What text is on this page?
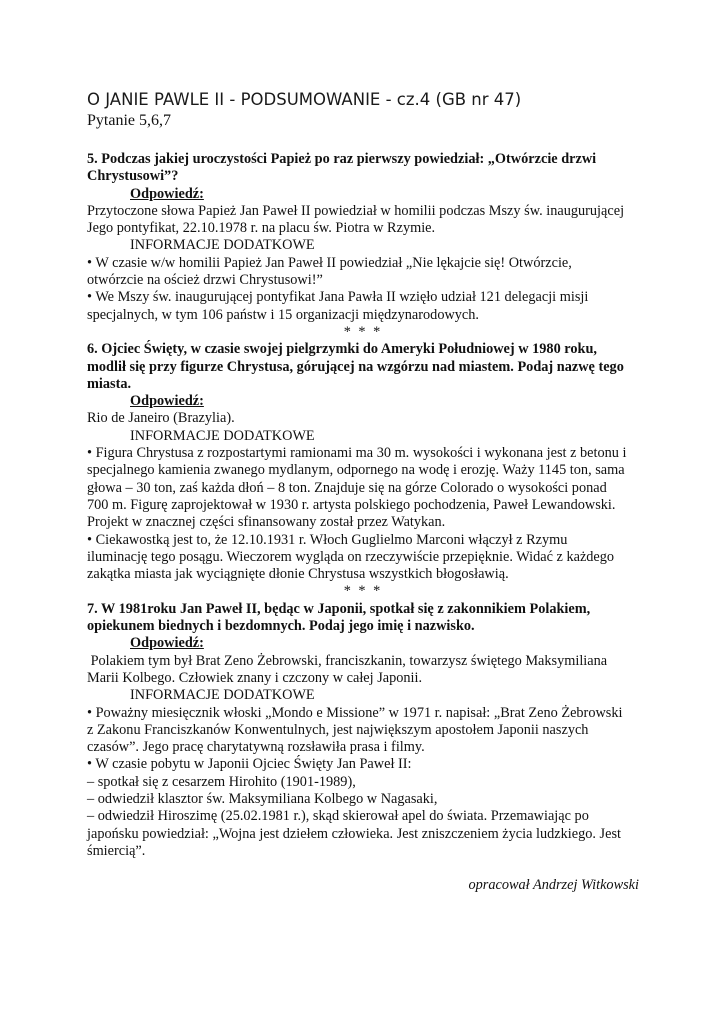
O JANIE PAWLE II - PODSUMOWANIE - cz.4 (GB nr 47)
Pytanie 5,6,7
5. Podczas jakiej uroczystości Papież po raz pierwszy powiedział: „Otwórzcie drzwi
Chrystusowi”?
Odpowiedź:
Przytoczone słowa Papież Jan Paweł II powiedział w homilii podczas Mszy św. inaugurującej
Jego pontyfikat, 22.10.1978 r. na placu św. Piotra w Rzymie.
INFORMACJE DODATKOWE
• W czasie w/w homilii Papież Jan Paweł II powiedział „Nie lękajcie się! Otwórzcie,
otwórzcie na oścież drzwi Chrystusowi!”
• We Mszy św. inaugurującej pontyfikat Jana Pawła II wzięło udział 121 delegacji misji
specjalnych, w tym 106 państw i 15 organizacji międzynarodowych.
* * *
6. Ojciec Święty, w czasie swojej pielgrzymki do Ameryki Południowej w 1980 roku,
modlił się przy figurze Chrystusa, górującej na wzgórzu nad miastem. Podaj nazwę tego
miasta.
Odpowiedź:
Rio de Janeiro (Brazylia).
INFORMACJE DODATKOWE
• Figura Chrystusa z rozpostartymi ramionami ma 30 m. wysokości i wykonana jest z betonu i
specjalnego kamienia zwanego mydlanym, odpornego na wodę i erozję. Waży 1145 ton, sama
głowa – 30 ton, zaś każda dłoń – 8 ton. Znajduje się na górze Colorado o wysokości ponad
700 m. Figurę zaprojektował w 1930 r. artysta polskiego pochodzenia, Paweł Lewandowski.
Projekt w znacznej części sfinansowany został przez Watykan.
• Ciekawostką jest to, że 12.10.1931 r. Włoch Guglielmo Marconi włączył z Rzymu
iluminację tego posągu. Wieczorem wygląda on rzeczywiście przepięknie. Widać z każdego
zakątka miasta jak wyciągnięte dłonie Chrystusa wszystkich błogosławią.
* * *
7. W 1981roku Jan Paweł II, będąc w Japonii, spotkał się z zakonnikiem Polakiem,
opiekunem biednych i bezdomnych. Podaj jego imię i nazwisko.
Odpowiedź:
Polakiem tym był Brat Zeno Żebrowski, franciszkanin, towarzysz świętego Maksymiliana
Marii Kolbego. Człowiek znany i czczony w całej Japonii.
INFORMACJE DODATKOWE
• Poważny miesięcznik włoski „Mondo e Missione” w 1971 r. napisał: „Brat Zeno Żebrowski
z Zakonu Franciszkanów Konwentulnych, jest największym apostołem Japonii naszych
czasów”. Jego pracę charytatywną rozsławiła prasa i filmy.
• W czasie pobytu w Japonii Ojciec Święty Jan Paweł II:
– spotkał się z cesarzem Hirohito (1901-1989),
– odwiedził klasztor św. Maksymiliana Kolbego w Nagasaki,
– odwiedził Hiroszimę (25.02.1981 r.), skąd skierował apel do świata. Przemawiając po
japońsku powiedział: „Wojna jest dziełem człowieka. Jest zniszczeniem życia ludzkiego. Jest
śmiercią”.
opracował Andrzej Witkowski
